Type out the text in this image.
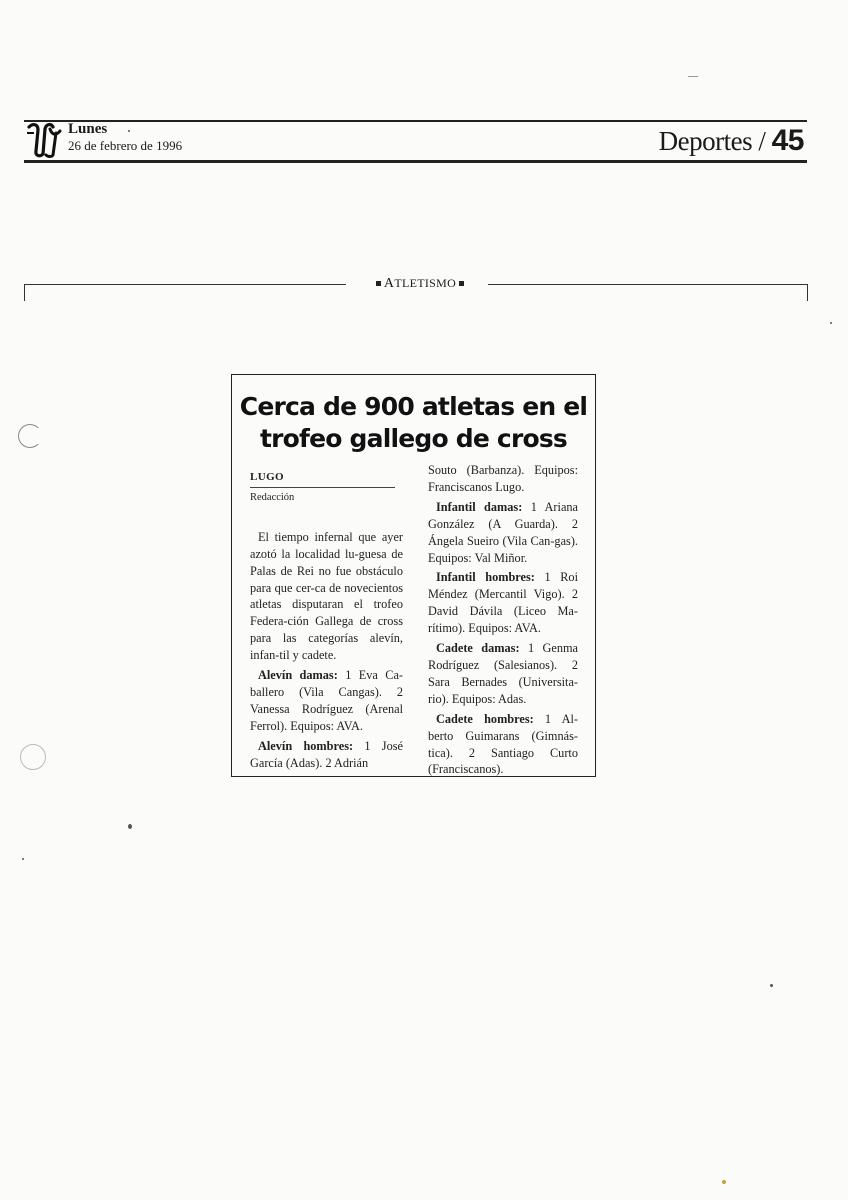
Lunes
26 de febrero de 1996	Deportes / 45
ATLETISMO
Cerca de 900 atletas en el
trofeo gallego de cross

LUGO

Redacción

El tiempo infernal que ayer azotó la localidad lu-guesa de Palas de Rei no fue obstáculo para que cer-ca de novecientos atletas disputaran el trofeo Federa-ción Gallega de cross para las categorías alevín, infan-til y cadete.

Alevín damas: 1 Eva Ca-ballero (Vila Cangas). 2 Vanessa Rodríguez (Arenal Ferrol). Equipos: AVA.

Alevín hombres: 1 José García (Adas). 2 Adrián

Souto (Barbanza). Equipos: Franciscanos Lugo.

Infantil damas: 1 Ariana González (A Guarda). 2 Ángela Sueiro (Vila Can-gas). Equipos: Val Miñor.

Infantil hombres: 1 Roi Méndez (Mercantil Vigo). 2 David Dávila (Liceo Ma-rítimo). Equipos: AVA.

Cadete damas: 1 Genma Rodríguez (Salesianos). 2 Sara Bernades (Universita-rio). Equipos: Adas.

Cadete hombres: 1 Al-berto Guimarans (Gimnás-tica). 2 Santiago Curto (Franciscanos).
